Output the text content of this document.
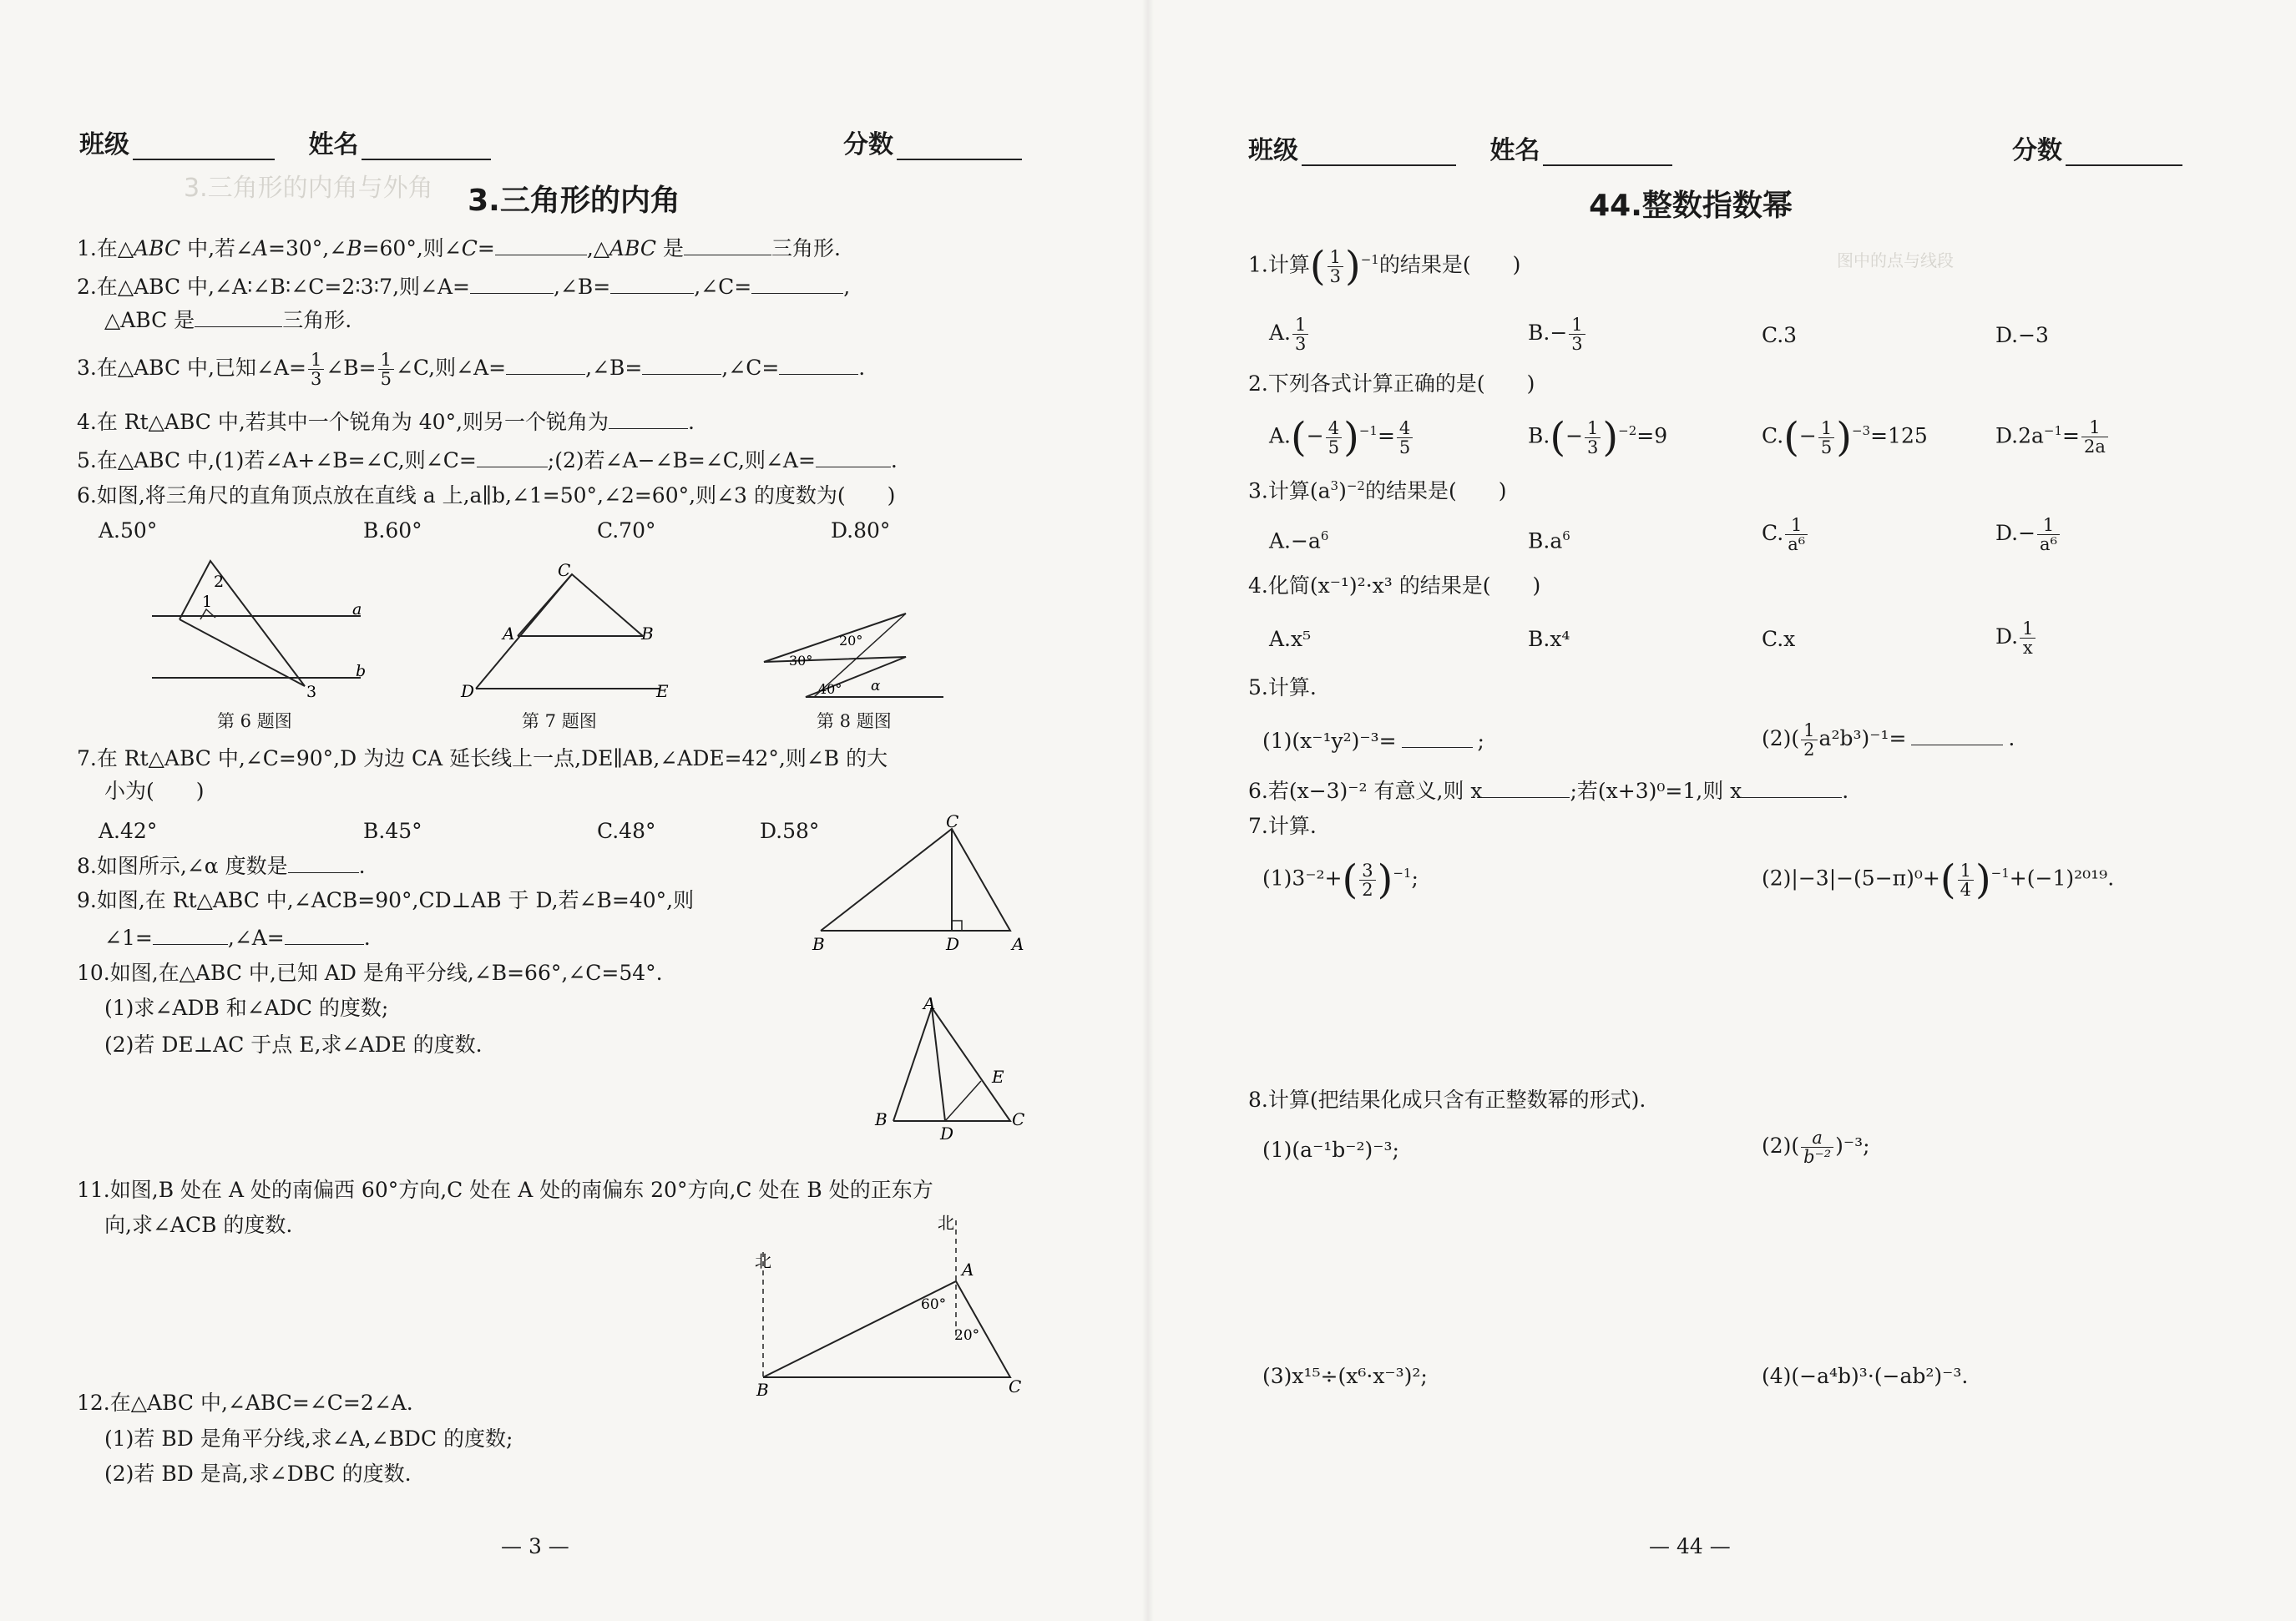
3.三角形的内角与外角
图中的点与线段
班级	姓名	分数
3.三角形的内角
1.在△ABC 中,若∠A=30°,∠B=60°,则∠C=	,△ABC 是	三角形.
2.在△ABC 中,∠A∶∠B∶∠C=2∶3∶7,则∠A=	,∠B=	,∠C=	,
△ABC 是	三角形.
3.在△ABC 中,已知∠A= $\frac{1}{3}$ ∠B= $\frac{1}{5}$ ∠C,则∠A=	,∠B=	,∠C=	.
4.在 Rt△ABC 中,若其中一个锐角为 40°,则另一个锐角为	.
5.在△ABC 中,(1)若∠A+∠B=∠C,则∠C=	;(2)若∠A−∠B=∠C,则∠A=	.
6.如图,将三角尺的直角顶点放在直线 a 上,a∥b,∠1=50°,∠2=60°,则∠3 的度数为(　　)
A.50°	B.60°	C.70°	D.80°
2
1
3
a
b
第 6 题图
C
A	B
D	E
第 7 题图
30°
20°
40° α
第 8 题图
7.在 Rt△ABC 中,∠C=90°,D 为边 CA 延长线上一点,DE∥AB,∠ADE=42°,则∠B 的大
小为(　　)
A.42°	B.45°	C.48°	D.58°
8.如图所示,∠α 度数是	.
9.如图,在 Rt△ABC 中,∠ACB=90°,CD⊥AB 于 D,若∠B=40°,则
∠1=	,∠A=	.
C
B	D	A
10.如图,在△ABC 中,已知 AD 是角平分线,∠B=66°,∠C=54°.
(1)求∠ADB 和∠ADC 的度数;
(2)若 DE⊥AC 于点 E,求∠ADE 的度数.
A
E
B
D
C
11.如图,B 处在 A 处的南偏西 60°方向,C 处在 A 处的南偏东 20°方向,C 处在 B 处的正东方
向,求∠ACB 的度数.
北
北
A
60°
20°
B	C
12.在△ABC 中,∠ABC=∠C=2∠A.
(1)若 BD 是角平分线,求∠A,∠BDC 的度数;
(2)若 BD 是高,求∠DBC 的度数.
— 3 —
班级	姓名	分数
44.整数指数幂
1.计算( $\frac{1}{3} )^{-1}$的结果是(　　)
A. $\frac{1}{3}$	$B.- \frac{1}{3}$	C.3	D.−3
2.下列各式计算正确的是(　　)
$A.(- \frac{4}{5} )^{-1}= \frac{4}{5}$	$B.(- \frac{1}{3} )^{-2}=9$	$C.(- \frac{1}{5} )^{-3}=125$	$D.2a^{-1}= \frac{1}{2a}$
3.计算$(a^3)^{-2}$的结果是(　　)
$A.-a^6$	$B.a^6$	C. $\frac{1}{\text{a⁶}}$	$D.- \frac{1}{\text{a⁶}}$
4.化简(x⁻¹)²·x³ 的结果是(　　)
A.x⁵	B.x⁴	C.x	D. $\frac{1}{x}$
5.计算.
(1)(x⁻¹y²)⁻³=	;	$(2)( \frac{1}{2} a^2b^3)^{-1}=$	.
6.若(x−3)⁻² 有意义,则 x	;若(x+3)⁰=1,则 x	.
7.计算.
$(1)3^{-2}+( \frac{3}{2} )^{-1}$;	$(2)|-3|-(5-\pi)^0+( \frac{1}{4} )^{-1}+(-1)^{2019}$.
8.计算(把结果化成只含有正整数幂的形式).
(1)(a⁻¹b⁻²)⁻³;	$(2)( \frac{a}{\text{b⁻²}} )^{-3}$;
(3)x¹⁵÷(x⁶·x⁻³)²;	(4)(−a⁴b)³·(−ab²)⁻³.
— 44 —
